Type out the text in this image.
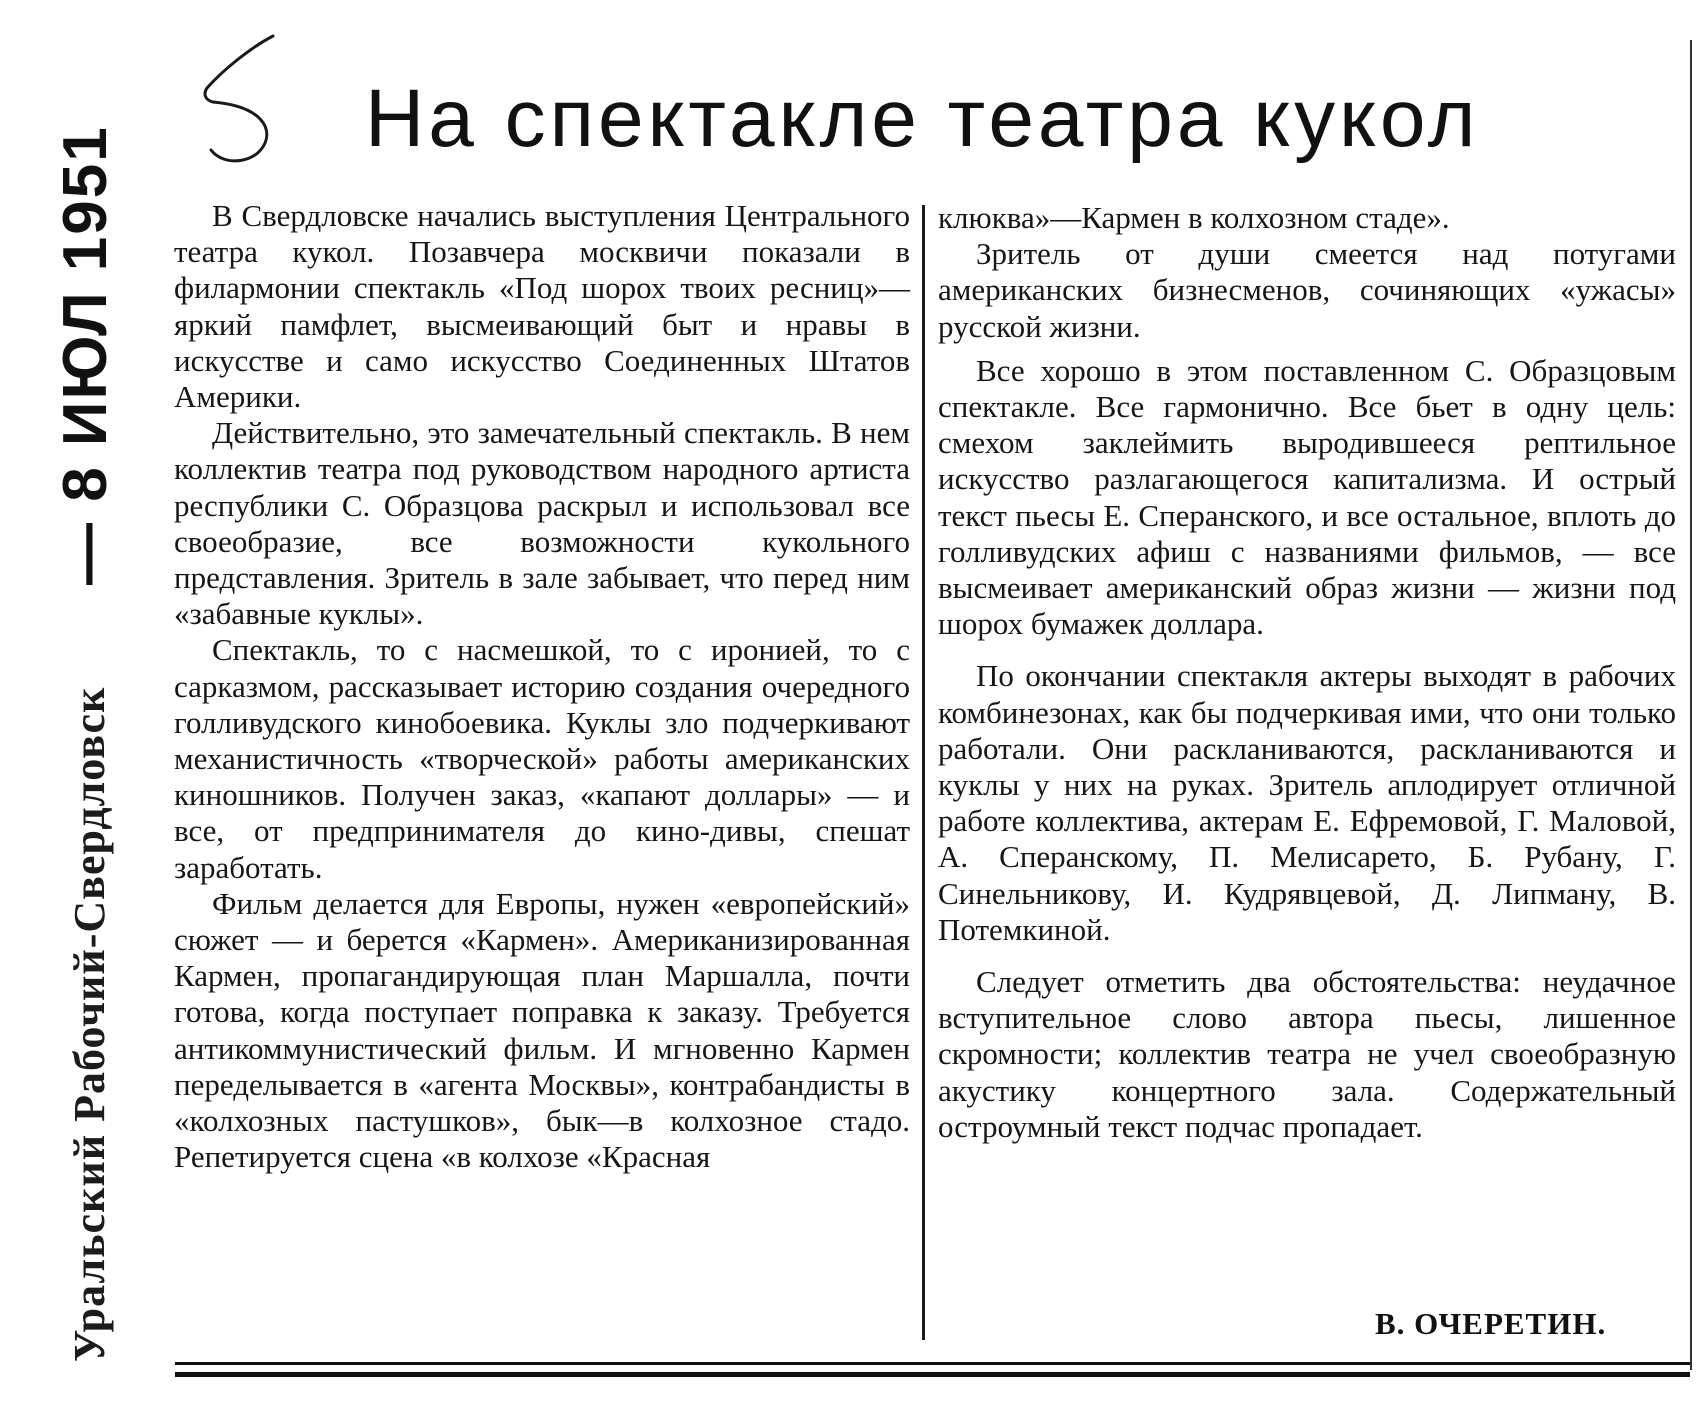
Уральский Рабочий-Свердловск
— 8 ИЮЛ 1951
На спектакле театра кукол

В Свердловске начались выступления Центрального театра кукол. Позавчера москвичи показали в филармонии спектакль «Под шорох твоих ресниц»—яркий памфлет, высмеивающий быт и нравы в искусстве и само искусство Соединенных Штатов Америки.

Действительно, это замечательный спектакль. В нем коллектив театра под руководством народного артиста республики С. Образцова раскрыл и использовал все своеобразие, все возможности кукольного представления. Зритель в зале забывает, что перед ним «забавные куклы».

Спектакль, то с насмешкой, то с иронией, то с сарказмом, рассказывает историю создания очередного голливудского кинобоевика. Куклы зло подчеркивают механистичность «творческой» работы американских киношников. Получен заказ, «капают доллары» — и все, от предпринимателя до кино-дивы, спешат заработать.

Фильм делается для Европы, нужен «европейский» сюжет — и берется «Кармен». Американизированная Кармен, пропагандирующая план Маршалла, почти готова, когда поступает поправка к заказу. Требуется антикоммунистический фильм. И мгновенно Кармен переделывается в «агента Москвы», контрабандисты в «колхозных пастушков», бык—в колхозное стадо. Репетируется сцена «в колхозе «Красная

клюква»—Кармен в колхозном стаде».

Зритель от души смеется над потугами американских бизнесменов, сочиняющих «ужасы» русской жизни.

Все хорошо в этом поставленном С. Образцовым спектакле. Все гармонично. Все бьет в одну цель: смехом заклеймить выродившееся рептильное искусство разлагающегося капитализма. И острый текст пьесы Е. Сперанского, и все остальное, вплоть до голливудских афиш с названиями фильмов, — все высмеивает американский образ жизни — жизни под шорох бумажек доллара.

По окончании спектакля актеры выходят в рабочих комбинезонах, как бы подчеркивая ими, что они только работали. Они раскланиваются, раскланиваются и куклы у них на руках. Зритель аплодирует отличной работе коллектива, актерам Е. Ефремовой, Г. Маловой, А. Сперанскому, П. Мелисарето, Б. Рубану, Г. Синельникову, И. Кудрявцевой, Д. Липману, В. Потемкиной.

Следует отметить два обстоятельства: неудачное вступительное слово автора пьесы, лишенное скромности; коллектив театра не учел своеобразную акустику концертного зала. Содержательный остроумный текст подчас пропадает.

В. ОЧЕРЕТИН.
